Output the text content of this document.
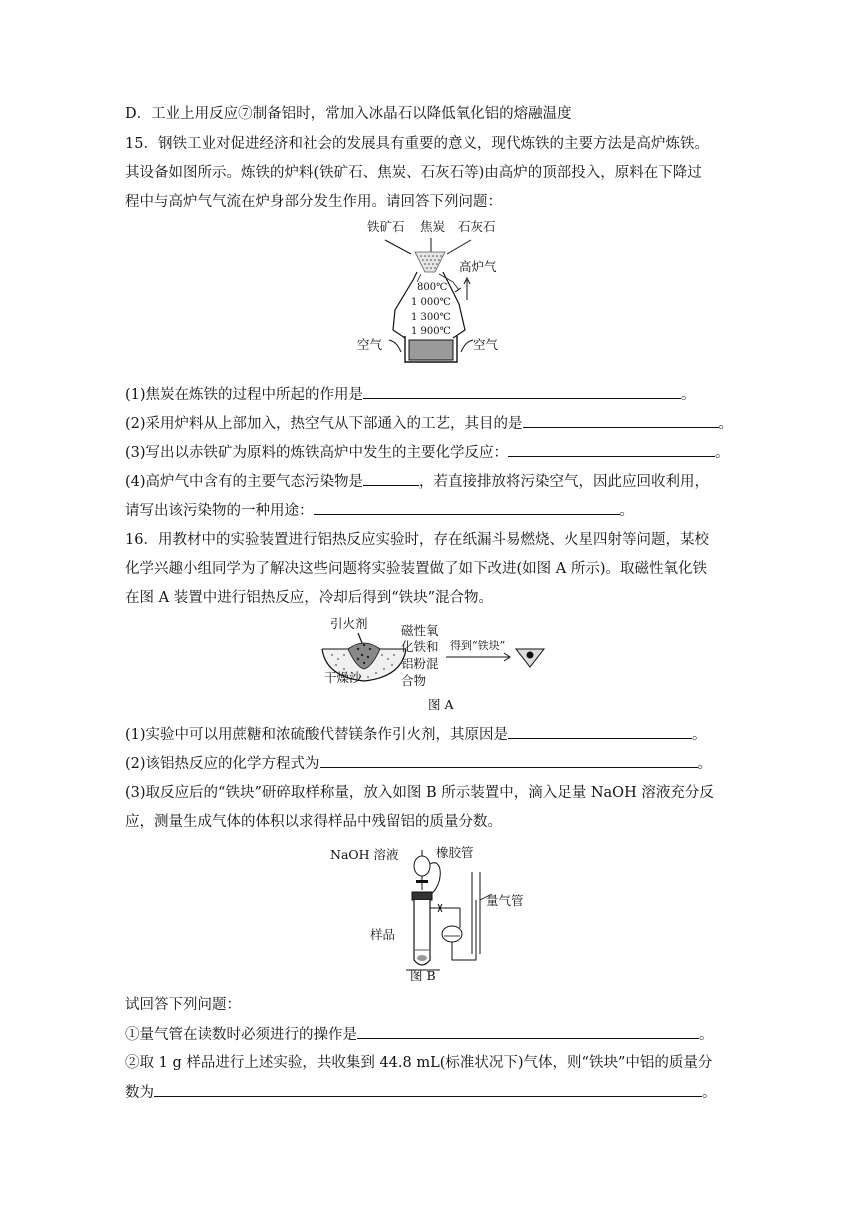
D．工业上用反应⑦制备铝时，常加入冰晶石以降低氧化铝的熔融温度
15．钢铁工业对促进经济和社会的发展具有重要的意义，现代炼铁的主要方法是高炉炼铁。
其设备如图所示。炼铁的炉料(铁矿石、焦炭、石灰石等)由高炉的顶部投入，原料在下降过
程中与高炉气气流在炉身部分发生作用。请回答下列问题：
铁矿石 焦炭 石灰石
高炉气
800℃
1 000℃
1 300℃
1 900℃
空气	空气
(1)焦炭在炼铁的过程中所起的作用是	。
(2)采用炉料从上部加入，热空气从下部通入的工艺，其目的是	。
(3)写出以赤铁矿为原料的炼铁高炉中发生的主要化学反应：	。
(4)高炉气中含有的主要气态污染物是	，若直接排放将污染空气，因此应回收利用，
请写出该污染物的一种用途：	。
16．用教材中的实验装置进行铝热反应实验时，存在纸漏斗易燃烧、火星四射等问题，某校
化学兴趣小组同学为了解决这些问题将实验装置做了如下改进(如图 A 所示)。取磁性氧化铁
在图 A 装置中进行铝热反应，冷却后得到“铁块”混合物。
引火剂	磁性氧
化铁和
铝粉混
合物
得到“铁块”
干燥沙
图 A
(1)实验中可以用蔗糖和浓硫酸代替镁条作引火剂，其原因是	。
(2)该铝热反应的化学方程式为	。
(3)取反应后的“铁块”研碎取样称量，放入如图 B 所示装置中，滴入足量 NaOH 溶液充分反
应，测量生成气体的体积以求得样品中残留铝的质量分数。
NaOH 溶液	橡胶管
量气管
样品
图 B
试回答下列问题：
①量气管在读数时必须进行的操作是	。
②取 1 g 样品进行上述实验，共收集到 44.8 mL(标准状况下)气体，则“铁块”中铝的质量分
数为	。
